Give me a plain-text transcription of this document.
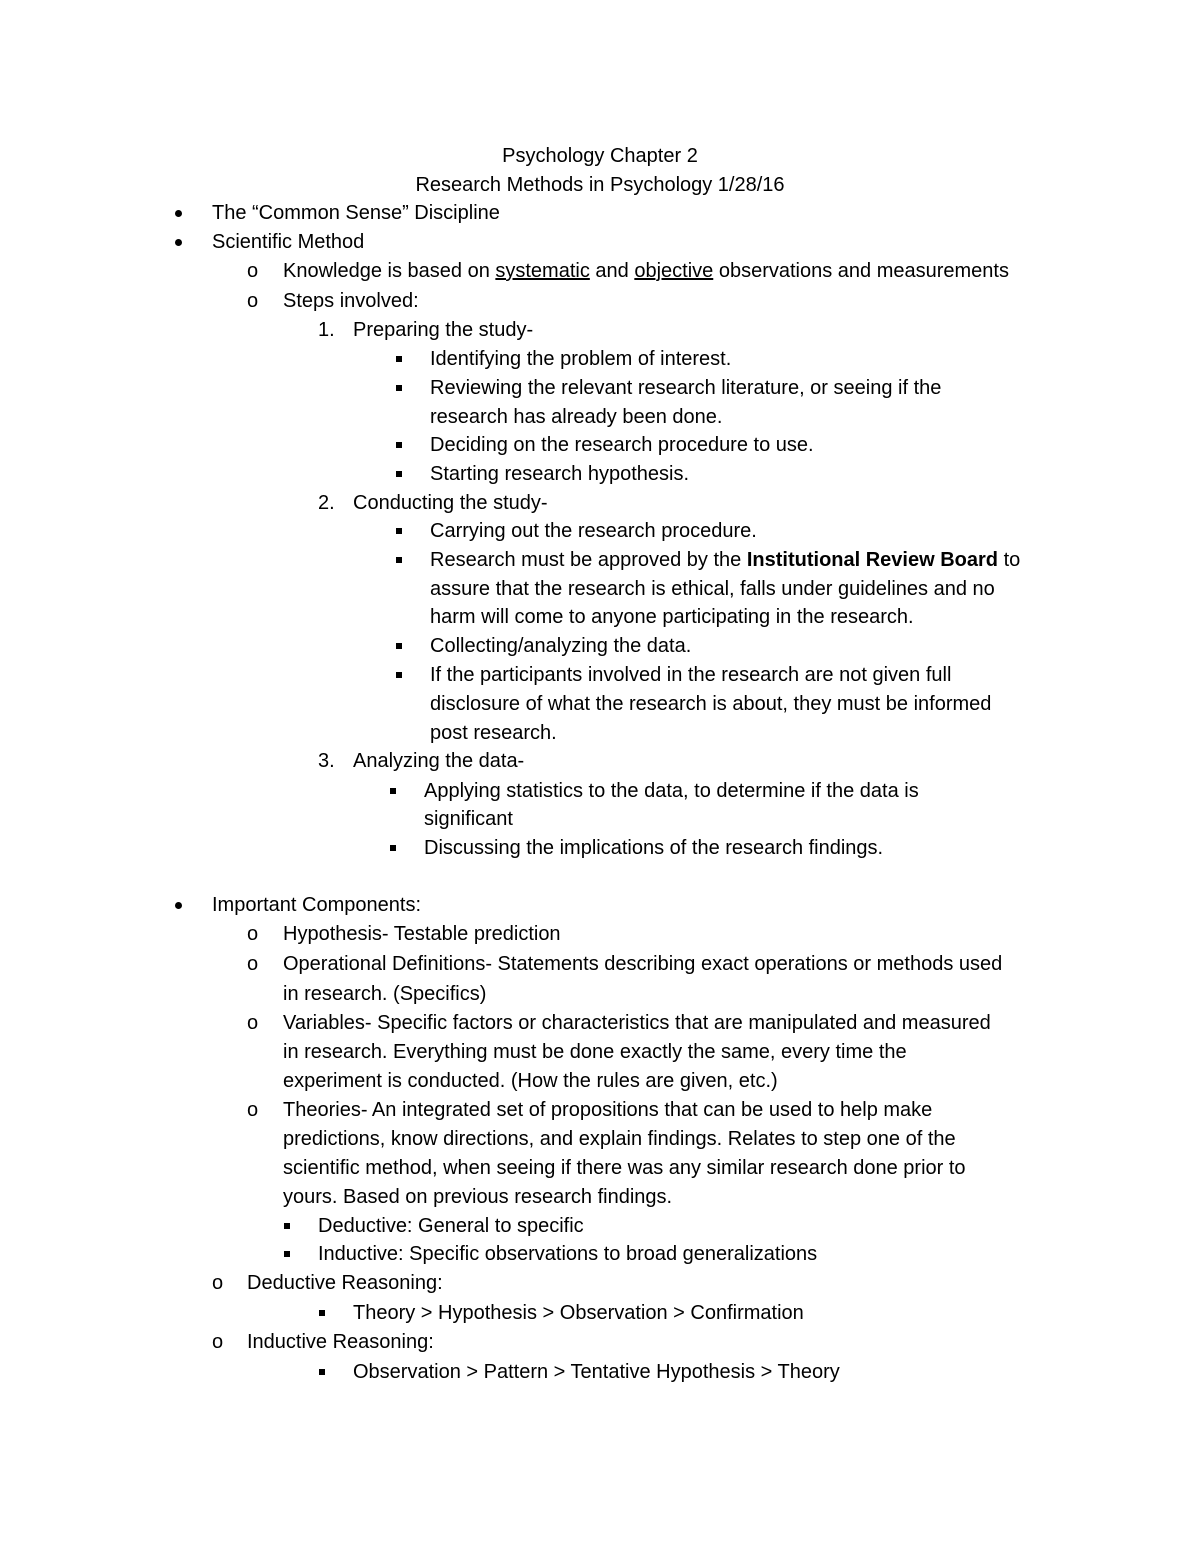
Psychology Chapter 2
Research Methods in Psychology 1/28/16
The “Common Sense” Discipline
Scientific Method
o Knowledge is based on systematic and objective observations and measurements
o Steps involved:
1. Preparing the study-
Identifying the problem of interest.
Reviewing the relevant research literature, or seeing if the
research has already been done.
Deciding on the research procedure to use.
Starting research hypothesis.
2. Conducting the study-
Carrying out the research procedure.
Research must be approved by the Institutional Review Board to
assure that the research is ethical, falls under guidelines and no
harm will come to anyone participating in the research.
Collecting/analyzing the data.
If the participants involved in the research are not given full
disclosure of what the research is about, they must be informed
post research.
3. Analyzing the data-
Applying statistics to the data, to determine if the data is
significant
Discussing the implications of the research findings.
Important Components:
o Hypothesis- Testable prediction
o Operational Definitions- Statements describing exact operations or methods used
in research. (Specifics)
o Variables- Specific factors or characteristics that are manipulated and measured
in research. Everything must be done exactly the same, every time the
experiment is conducted. (How the rules are given, etc.)
o Theories- An integrated set of propositions that can be used to help make
predictions, know directions, and explain findings. Relates to step one of the
scientific method, when seeing if there was any similar research done prior to
yours. Based on previous research findings.
Deductive: General to specific
Inductive: Specific observations to broad generalizations
o Deductive Reasoning:
Theory > Hypothesis > Observation > Confirmation
o Inductive Reasoning:
Observation > Pattern > Tentative Hypothesis > Theory
